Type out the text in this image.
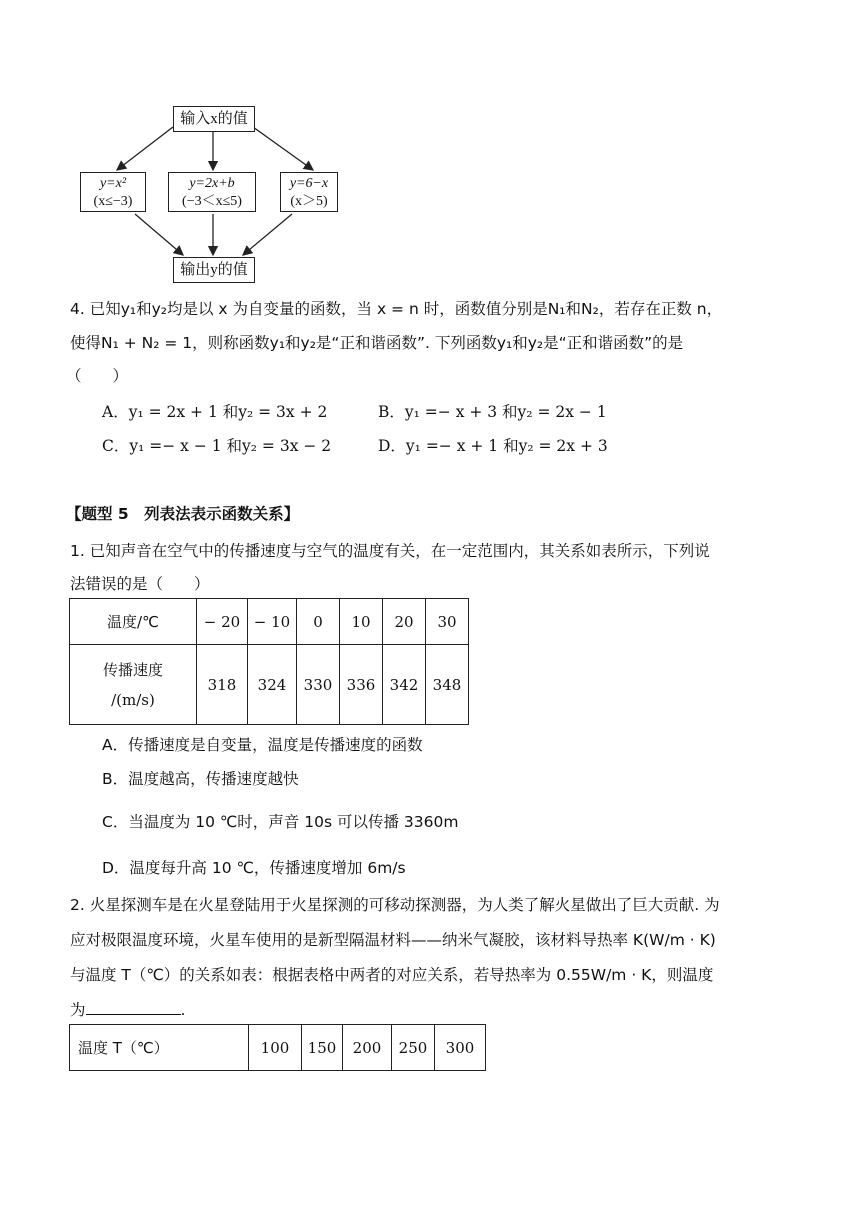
输入x的值
y=x²
(x≤−3)
y=2x+b
(−3＜x≤5)
y=6−x
(x＞5)
输出y的值
4. 已知y₁和y₂均是以 x 为自变量的函数，当 x = n 时，函数值分别是N₁和N₂，若存在正数 n，
使得N₁ + N₂ = 1，则称函数y₁和y₂是“正和谐函数”. 下列函数y₁和y₂是“正和谐函数”的是
（　　）
A．y₁ = 2x + 1 和y₂ = 3x + 2	B．y₁ =− x + 3 和y₂ = 2x − 1
C．y₁ =− x − 1 和y₂ = 3x − 2	D．y₁ =− x + 1 和y₂ = 2x + 3
【题型 5　列表法表示函数关系】
1. 已知声音在空气中的传播速度与空气的温度有关，在一定范围内，其关系如表所示，下列说
法错误的是（　　）
温度/℃	− 20	− 10	0	10	20	30

传播速度
/(m/s)	318	324	330	336	342	348
A．传播速度是自变量，温度是传播速度的函数
B．温度越高，传播速度越快
C．当温度为 10 ℃时，声音 10s 可以传播 3360m
D．温度每升高 10 ℃，传播速度增加 6m/s
2. 火星探测车是在火星登陆用于火星探测的可移动探测器，为人类了解火星做出了巨大贡献. 为
应对极限温度环境，火星车使用的是新型隔温材料——纳米气凝胶，该材料导热率 K(W/m · K)
与温度 T（℃）的关系如表：根据表格中两者的对应关系，若导热率为 0.55W/m · K，则温度
为	.
温度 T（℃）	100	150	200	250	300
